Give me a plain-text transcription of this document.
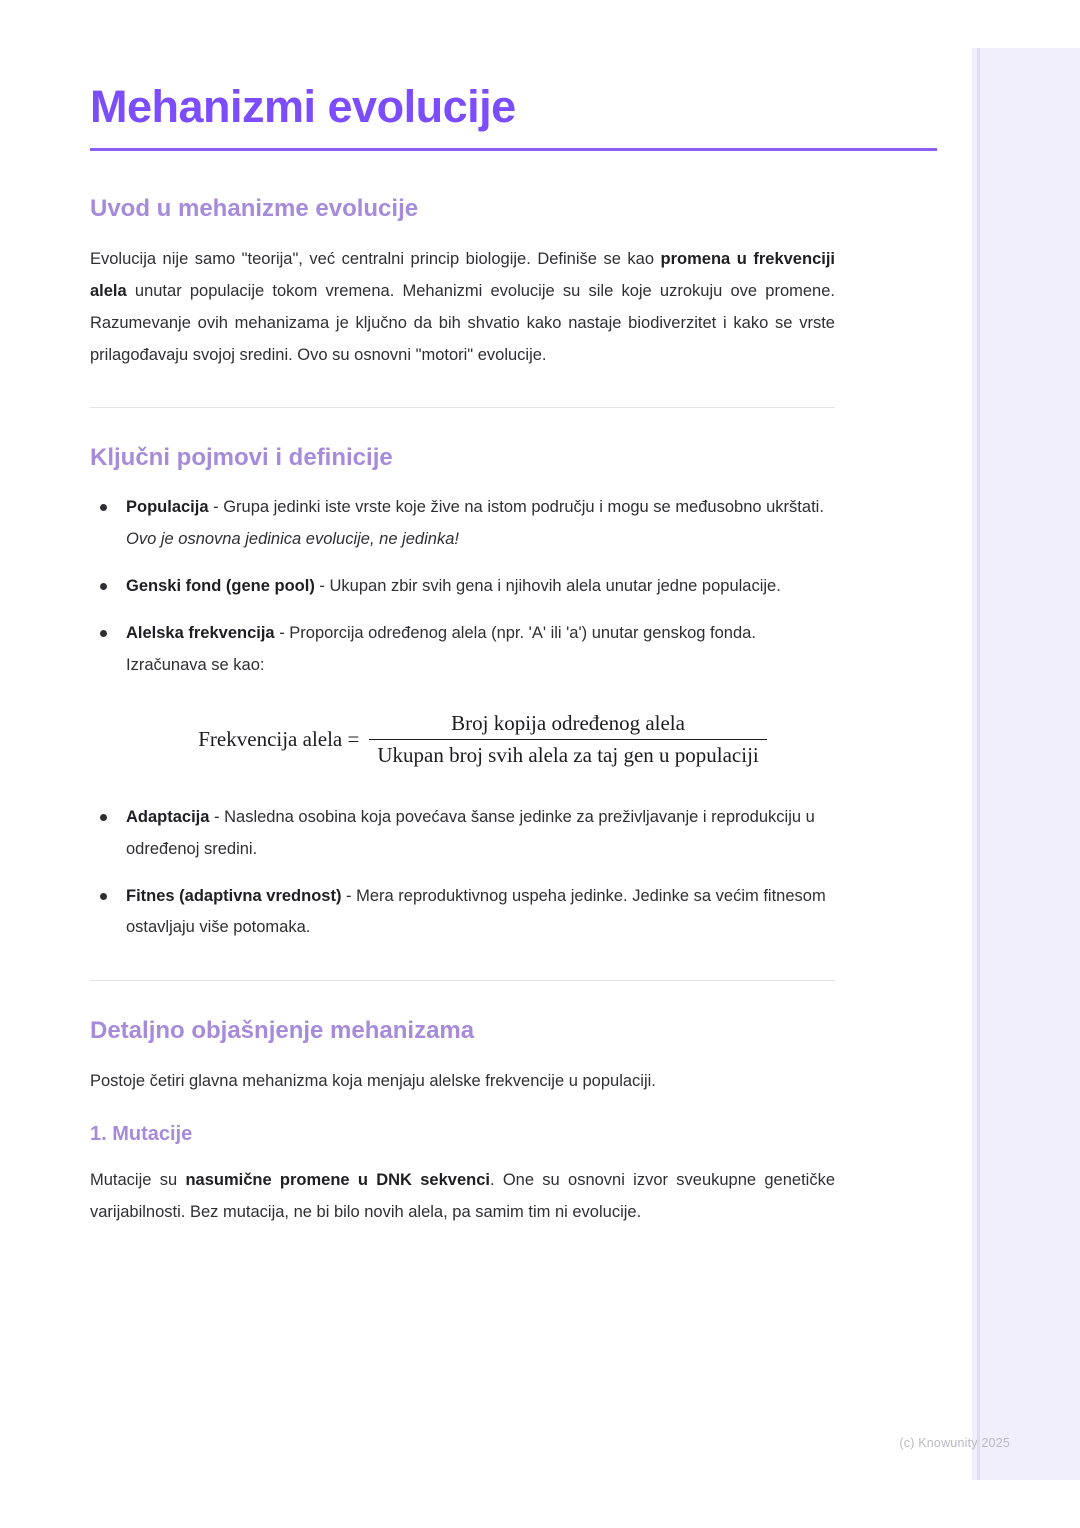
Mehanizmi evolucije
Uvod u mehanizme evolucije

Evolucija nije samo "teorija", već centralni princip biologije. Definiše se kao promena u frekvenciji alela unutar populacije tokom vremena. Mehanizmi evolucije su sile koje uzrokuju ove promene. Razumevanje ovih mehanizama je ključno da bih shvatio kako nastaje biodiverzitet i kako se vrste prilagođavaju svojoj sredini. Ovo su osnovni "motori" evolucije.

Ključni pojmovi i definicije
Populacija - Grupa jedinki iste vrste koje žive na istom području i mogu se međusobno ukrštati. Ovo je osnovna jedinica evolucije, ne jedinka!
Genski fond (gene pool) - Ukupan zbir svih gena i njihovih alela unutar jedne populacije.
Alelska frekvencija - Proporcija određenog alela (npr. 'A' ili 'a') unutar genskog fonda. Izračunava se kao:
Frekvencija alela = $\frac{\text{Broj kopija određenog alela}}{\text{Ukupan broj svih alela za taj gen u populaciji}}$
Adaptacija - Nasledna osobina koja povećava šanse jedinke za preživljavanje i reprodukciju u određenoj sredini.
Fitnes (adaptivna vrednost) - Mera reproduktivnog uspeha jedinke. Jedinke sa većim fitnesom ostavljaju više potomaka.
Detaljno objašnjenje mehanizama

Postoje četiri glavna mehanizma koja menjaju alelske frekvencije u populaciji.

1. Mutacije

Mutacije su nasumične promene u DNK sekvenci. One su osnovni izvor sveukupne genetičke varijabilnosti. Bez mutacija, ne bi bilo novih alela, pa samim tim ni evolucije.

(c) Knowunity 2025
